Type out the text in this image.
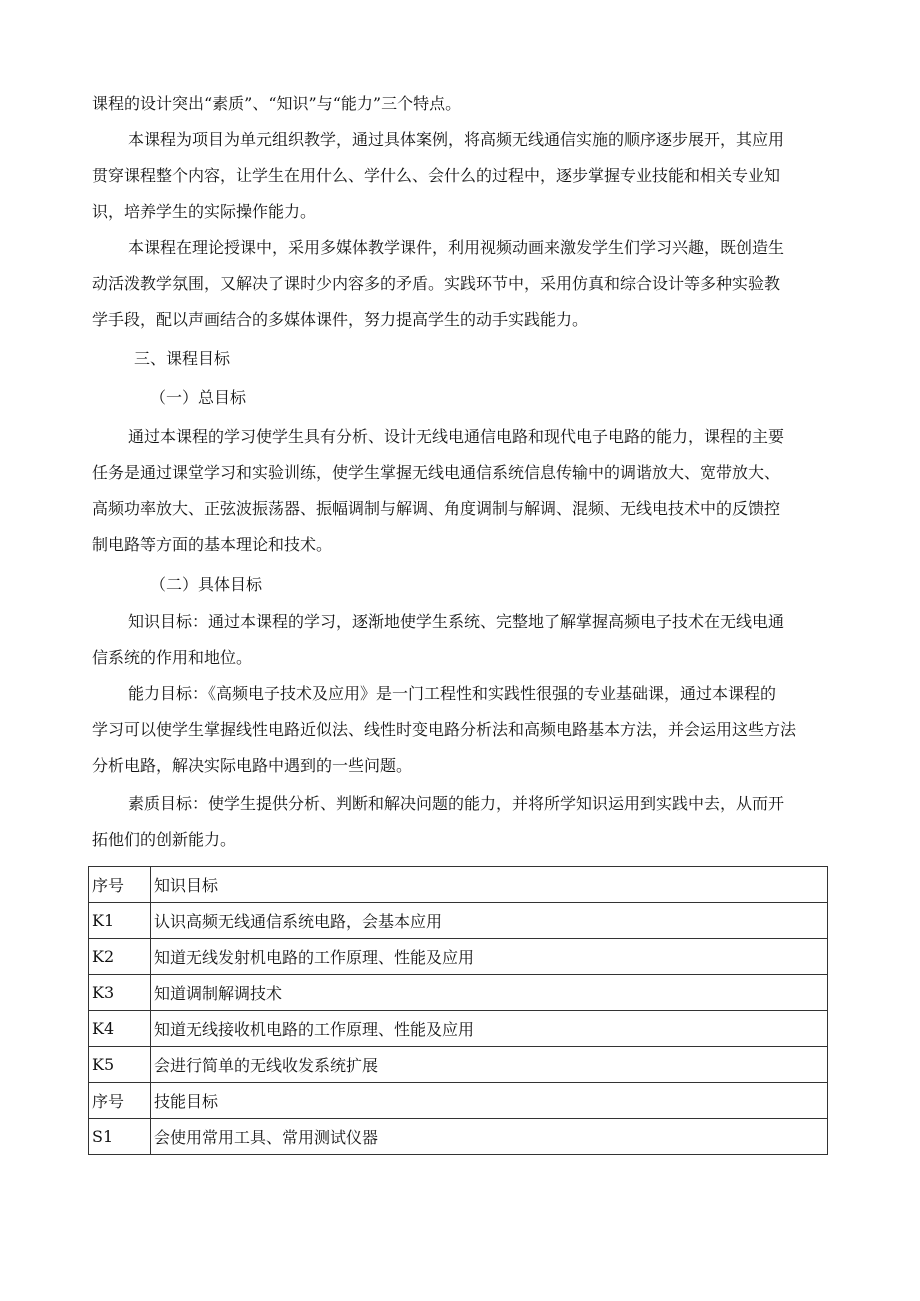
课程的设计突出“素质”、“知识”与“能力”三个特点。
本课程为项目为单元组织教学，通过具体案例，将高频无线通信实施的顺序逐步展开，其应用
贯穿课程整个内容，让学生在用什么、学什么、会什么的过程中，逐步掌握专业技能和相关专业知
识，培养学生的实际操作能力。
本课程在理论授课中，采用多媒体教学课件，利用视频动画来激发学生们学习兴趣，既创造生
动活泼教学氛围，又解决了课时少内容多的矛盾。实践环节中，采用仿真和综合设计等多种实验教
学手段，配以声画结合的多媒体课件，努力提高学生的动手实践能力。
三、课程目标
（一）总目标
通过本课程的学习使学生具有分析、设计无线电通信电路和现代电子电路的能力，课程的主要
任务是通过课堂学习和实验训练，使学生掌握无线电通信系统信息传输中的调谐放大、宽带放大、
高频功率放大、正弦波振荡器、振幅调制与解调、角度调制与解调、混频、无线电技术中的反馈控
制电路等方面的基本理论和技术。
（二）具体目标
知识目标：通过本课程的学习，逐渐地使学生系统、完整地了解掌握高频电子技术在无线电通
信系统的作用和地位。
能力目标：《高频电子技术及应用》是一门工程性和实践性很强的专业基础课，通过本课程的
学习可以使学生掌握线性电路近似法、线性时变电路分析法和高频电路基本方法，并会运用这些方法
分析电路，解决实际电路中遇到的一些问题。
素质目标：使学生提供分析、判断和解决问题的能力，并将所学知识运用到实践中去，从而开
拓他们的创新能力。
序号	知识目标
K1	认识高频无线通信系统电路，会基本应用
K2	知道无线发射机电路的工作原理、性能及应用
K3	知道调制解调技术
K4	知道无线接收机电路的工作原理、性能及应用
K5	会进行简单的无线收发系统扩展
序号	技能目标
S1	会使用常用工具、常用测试仪器
